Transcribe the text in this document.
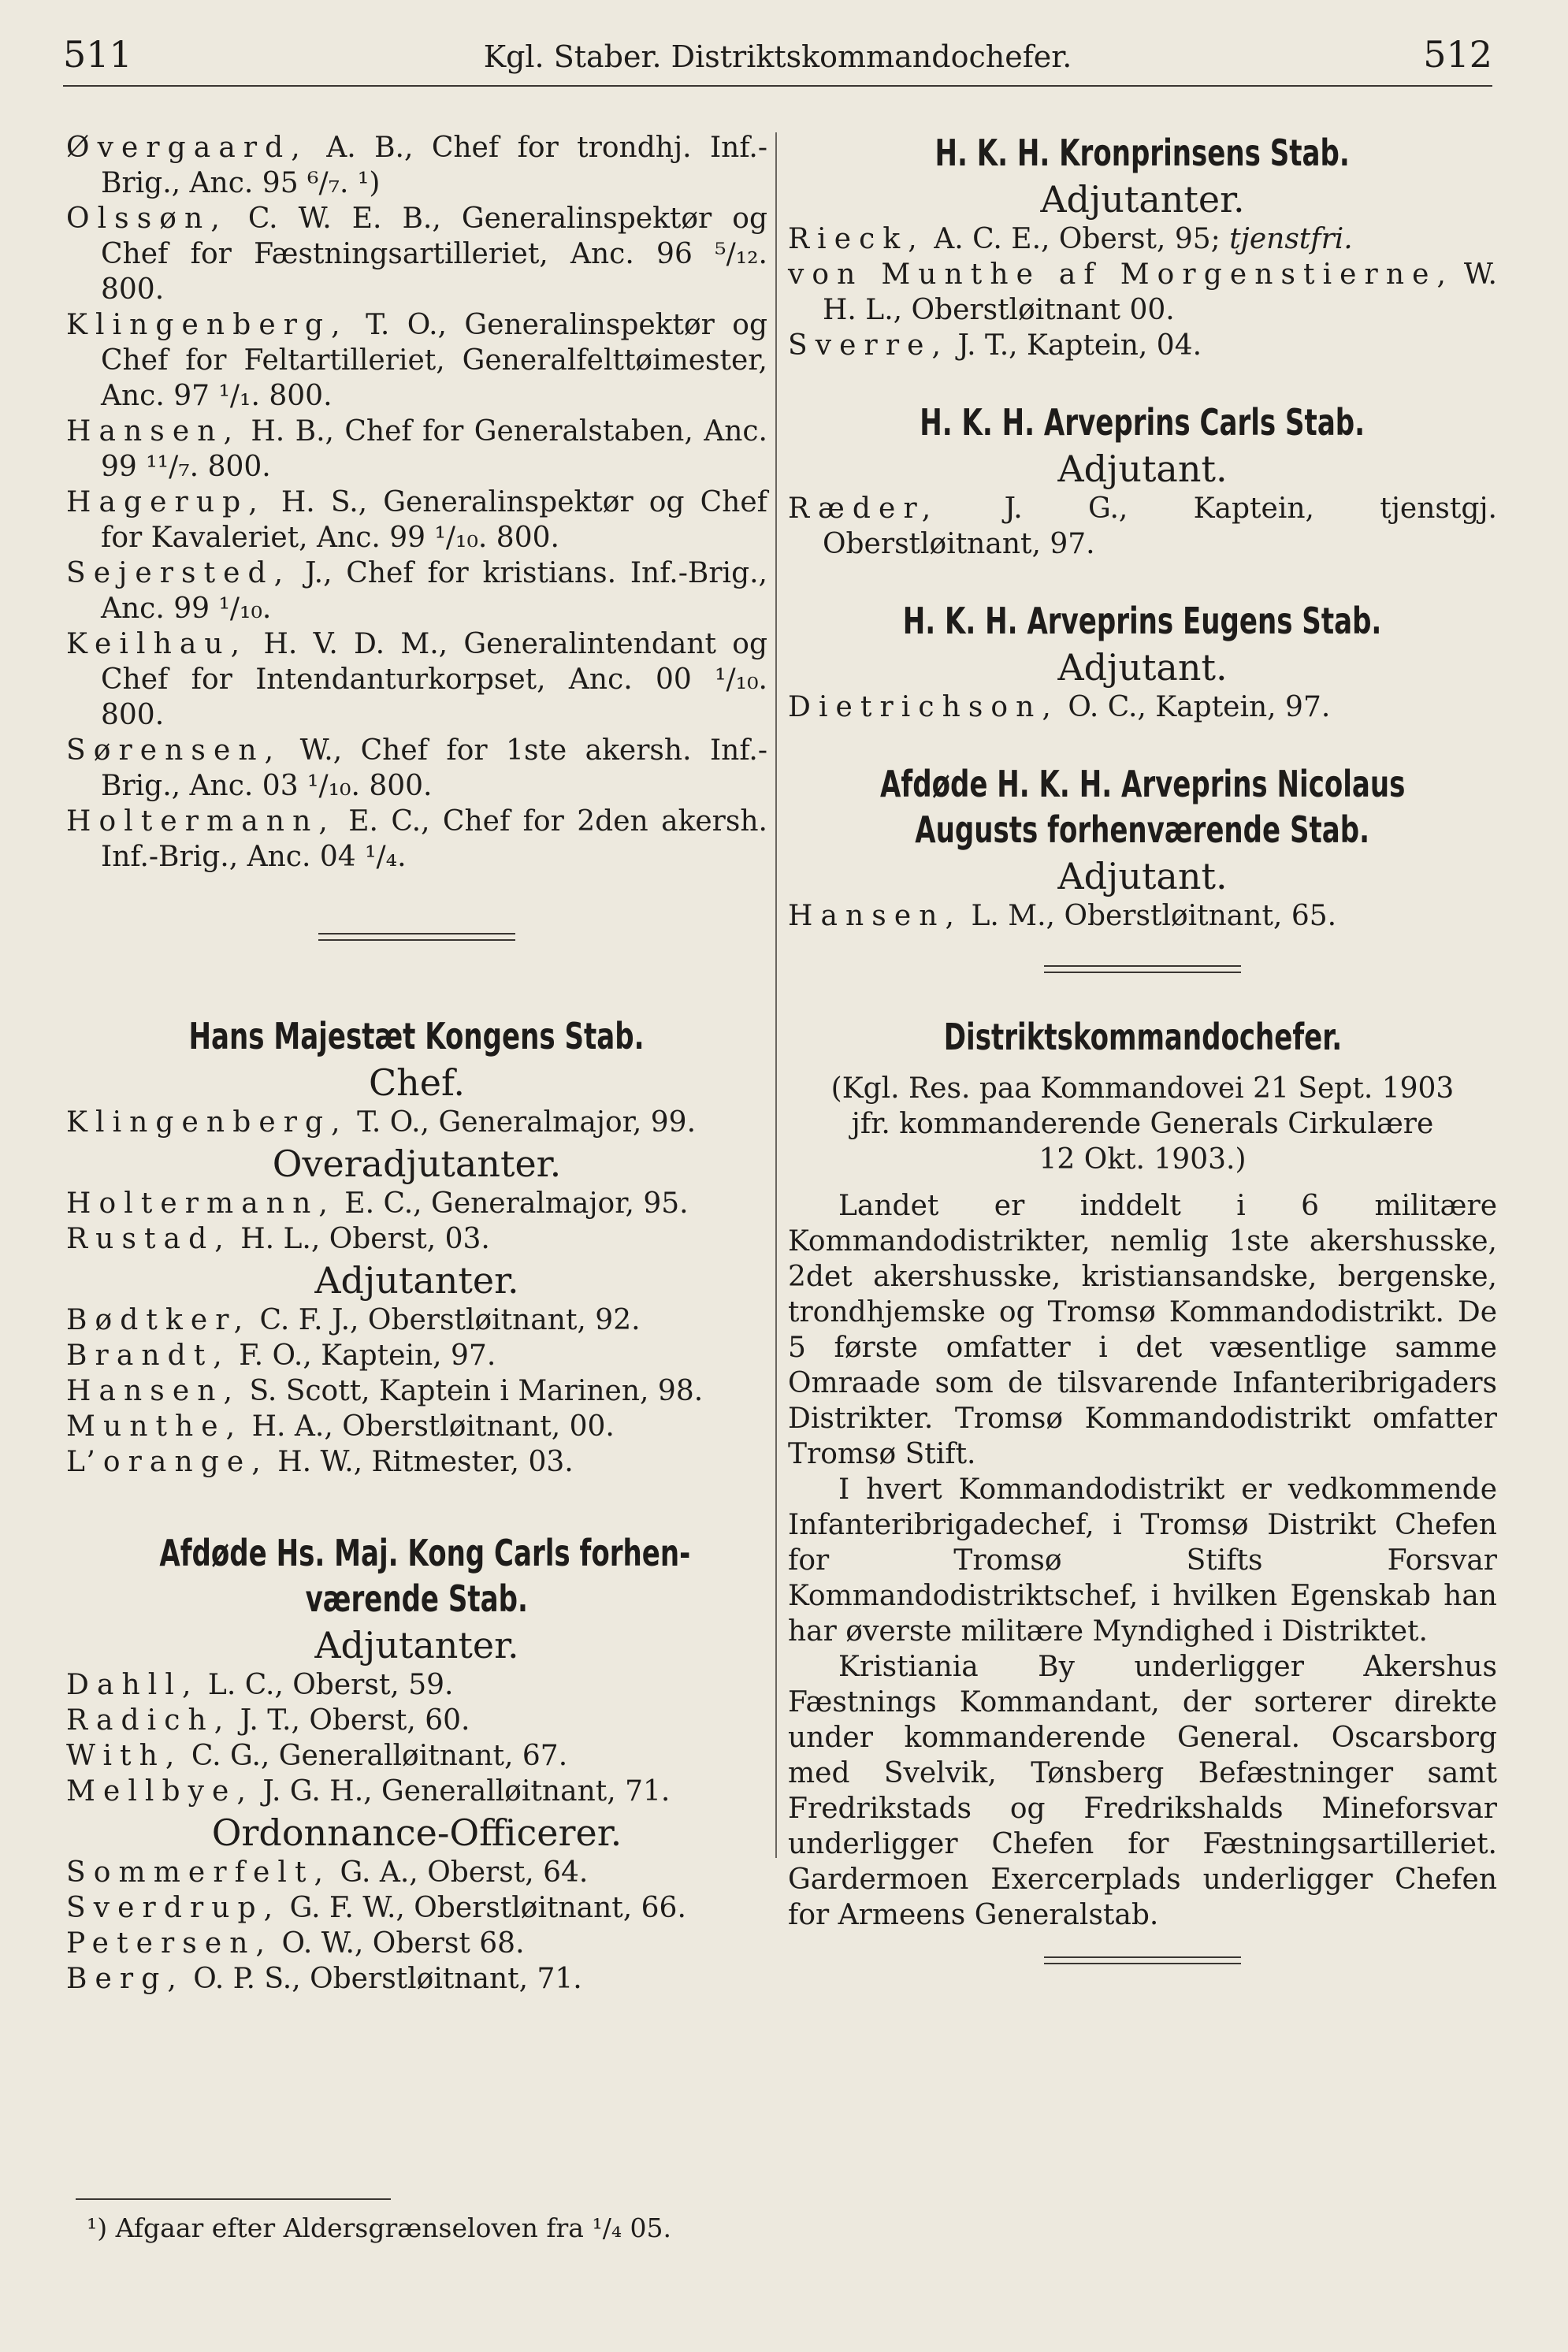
511	Kgl. Staber. Distriktskommandochefer.	512

Øvergaard, A. B., Chef for trondhj. Inf.-Brig., Anc. 95 ⁶/₇. ¹)

Olssøn, C. W. E. B., Generalinspektør og Chef for Fæstningsartilleriet, Anc. 96 ⁵/₁₂. 800.

Klingenberg, T. O., Generalinspektør og Chef for Feltartilleriet, Generalfelttøimester, Anc. 97 ¹/₁. 800.

Hansen, H. B., Chef for Generalstaben, Anc. 99 ¹¹/₇. 800.

Hagerup, H. S., Generalinspektør og Chef for Kavaleriet, Anc. 99 ¹/₁₀. 800.

Sejersted, J., Chef for kristians. Inf.-Brig., Anc. 99 ¹/₁₀.

Keilhau, H. V. D. M., Generalintendant og Chef for Intendanturkorpset, Anc. 00 ¹/₁₀. 800.

Sørensen, W., Chef for 1ste akersh. Inf.-Brig., Anc. 03 ¹/₁₀. 800.

Holtermann, E. C., Chef for 2den akersh. Inf.-Brig., Anc. 04 ¹/₄.

Hans Majestæt Kongens Stab.

Chef.

Klingenberg, T. O., Generalmajor, 99.

Overadjutanter.

Holtermann, E. C., Generalmajor, 95.

Rustad, H. L., Oberst, 03.

Adjutanter.

Bødtker, C. F. J., Oberstløitnant, 92.

Brandt, F. O., Kaptein, 97.

Hansen, S. Scott, Kaptein i Marinen, 98.

Munthe, H. A., Oberstløitnant, 00.

L’orange, H. W., Ritmester, 03.

Afdøde Hs. Maj. Kong Carls forhen-
værende Stab.

Adjutanter.

Dahll, L. C., Oberst, 59.

Radich, J. T., Oberst, 60.

With, C. G., Generalløitnant, 67.

Mellbye, J. G. H., Generalløitnant, 71.

Ordonnance-Officerer.

Sommerfelt, G. A., Oberst, 64.

Sverdrup, G. F. W., Oberstløitnant, 66.

Petersen, O. W., Oberst 68.

Berg, O. P. S., Oberstløitnant, 71.

¹) Afgaar efter Aldersgrænseloven fra ¹/₄ 05.
H. K. H. Kronprinsens Stab.

Adjutanter.

Rieck, A. C. E., Oberst, 95; tjenstfri.

von Munthe af Morgenstierne, W. H. L., Oberstløitnant 00.

Sverre, J. T., Kaptein, 04.

H. K. H. Arveprins Carls Stab.

Adjutant.

Ræder, J. G., Kaptein, tjenstgj. Oberstløitnant, 97.

H. K. H. Arveprins Eugens Stab.

Adjutant.

Dietrichson, O. C., Kaptein, 97.

Afdøde H. K. H. Arveprins Nicolaus
Augusts forhenværende Stab.

Adjutant.

Hansen, L. M., Oberstløitnant, 65.

Distriktskommandochefer.

(Kgl. Res. paa Kommandovei 21 Sept. 1903
jfr. kommanderende Generals Cirkulære
12 Okt. 1903.)

Landet er inddelt i 6 militære Kommandodistrikter, nemlig 1ste akershusske, 2det akershusske, kristiansandske, bergenske, trondhjemske og Tromsø Kommandodistrikt. De 5 første omfatter i det væsentlige samme Omraade som de tilsvarende Infanteribrigaders Distrikter. Tromsø Kommandodistrikt omfatter Tromsø Stift.

I hvert Kommandodistrikt er vedkommende Infanteribrigadechef, i Tromsø Distrikt Chefen for Tromsø Stifts Forsvar Kommandodistriktschef, i hvilken Egenskab han har øverste militære Myndighed i Distriktet.

Kristiania By underligger Akershus Fæstnings Kommandant, der sorterer direkte under kommanderende General. Oscarsborg med Svelvik, Tønsberg Befæstninger samt Fredrikstads og Fredrikshalds Mineforsvar underligger Chefen for Fæstningsartilleriet. Gardermoen Exercerplads underligger Chefen for Armeens Generalstab.
